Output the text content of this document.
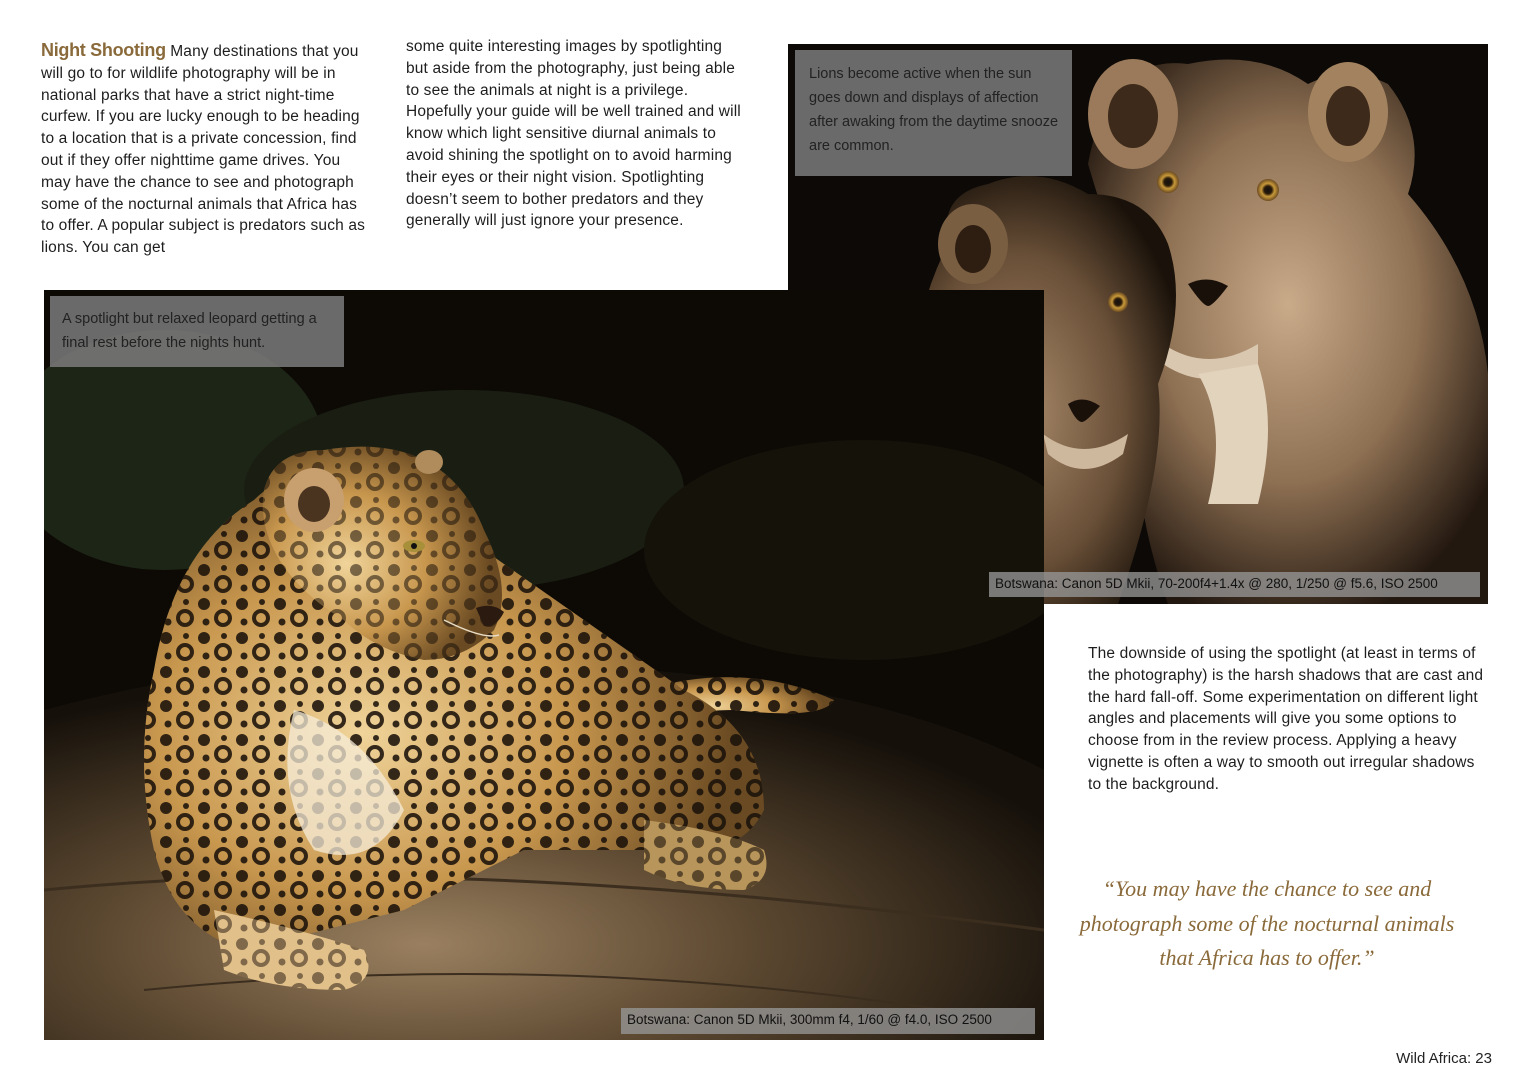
Night Shooting Many destinations that you will go to for wildlife photography will be in national parks that have a strict night-time curfew. If you are lucky enough to be heading to a location that is a private concession, find out if they offer nighttime game drives. You may have the chance to see and photograph some of the nocturnal animals that Africa has to offer. A popular subject is predators such as lions. You can get
some quite interesting images by spotlighting but aside from the photography, just being able to see the animals at night is a privilege. Hopefully your guide will be well trained and will know which light sensitive diurnal animals to avoid shining the spotlight on to avoid harming their eyes or their night vision. Spotlighting doesn’t seem to bother predators and they generally will just ignore your presence.
Lions become active when the sun goes down and displays of affection after awaking from the daytime snooze are common.
A spotlight but relaxed leopard getting a final rest before the nights hunt.
Botswana: Canon 5D Mkii, 70-200f4+1.4x @ 280, 1/250 @ f5.6, ISO 2500
Botswana: Canon 5D Mkii, 300mm f4, 1/60 @ f4.0, ISO 2500
The downside of using the spotlight (at least in terms of the photography) is the harsh shadows that are cast and the hard fall-off. Some experimentation on different light angles and placements will give you some options to choose from in the review process. Applying a heavy vignette is often a way to smooth out irregular shadows to the background.
“You may have the chance to see and photograph some of the nocturnal animals that Africa has to offer.”
Wild Africa: 23
